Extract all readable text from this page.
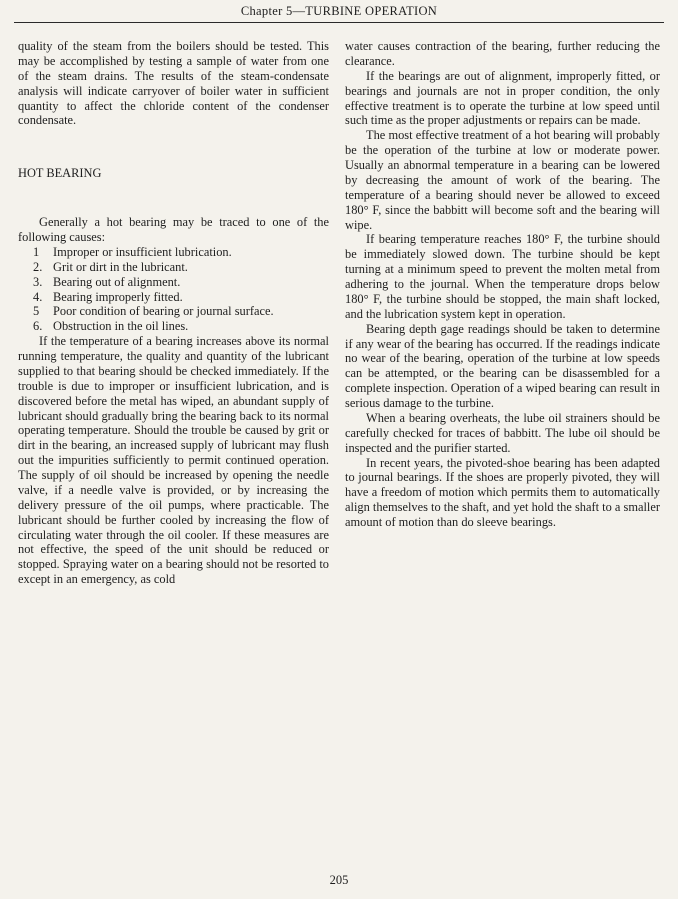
Chapter 5—TURBINE OPERATION

quality of the steam from the boilers should be tested. This may be accomplished by testing a sample of water from one of the steam drains. The results of the steam-condensate analysis will indicate carryover of boiler water in sufficient quantity to affect the chloride content of the condenser condensate.

HOT BEARING

Generally a hot bearing may be traced to one of the following causes:

1 Improper or insufficient lubrication.
2. Grit or dirt in the lubricant.
3. Bearing out of alignment.
4. Bearing improperly fitted.
5 Poor condition of bearing or journal surface.
6. Obstruction in the oil lines.

If the temperature of a bearing increases above its normal running temperature, the quality and quantity of the lubricant supplied to that bearing should be checked immediately. If the trouble is due to improper or insufficient lubrication, and is discovered before the metal has wiped, an abundant supply of lubricant should gradually bring the bearing back to its normal operating temperature. Should the trouble be caused by grit or dirt in the bearing, an increased supply of lubricant may flush out the impurities sufficiently to permit continued operation. The supply of oil should be increased by opening the needle valve, if a needle valve is provided, or by increasing the delivery pressure of the oil pumps, where practicable. The lubricant should be further cooled by increasing the flow of circulating water through the oil cooler. If these measures are not effective, the speed of the unit should be reduced or stopped. Spraying water on a bearing should not be resorted to except in an emergency, as cold

water causes contraction of the bearing, further reducing the clearance.

If the bearings are out of alignment, improperly fitted, or bearings and journals are not in proper condition, the only effective treatment is to operate the turbine at low speed until such time as the proper adjustments or repairs can be made.

The most effective treatment of a hot bearing will probably be the operation of the turbine at low or moderate power. Usually an abnormal temperature in a bearing can be lowered by decreasing the amount of work of the bearing. The temperature of a bearing should never be allowed to exceed 180° F, since the babbitt will become soft and the bearing will wipe.

If bearing temperature reaches 180° F, the turbine should be immediately slowed down. The turbine should be kept turning at a minimum speed to prevent the molten metal from adhering to the journal. When the temperature drops below 180° F, the turbine should be stopped, the main shaft locked, and the lubrication system kept in operation.

Bearing depth gage readings should be taken to determine if any wear of the bearing has occurred. If the readings indicate no wear of the bearing, operation of the turbine at low speeds can be attempted, or the bearing can be disassembled for a complete inspection. Operation of a wiped bearing can result in serious damage to the turbine.

When a bearing overheats, the lube oil strainers should be carefully checked for traces of babbitt. The lube oil should be inspected and the purifier started.

In recent years, the pivoted-shoe bearing has been adapted to journal bearings. If the shoes are properly pivoted, they will have a freedom of motion which permits them to automatically align themselves to the shaft, and yet hold the shaft to a smaller amount of motion than do sleeve bearings.

205
